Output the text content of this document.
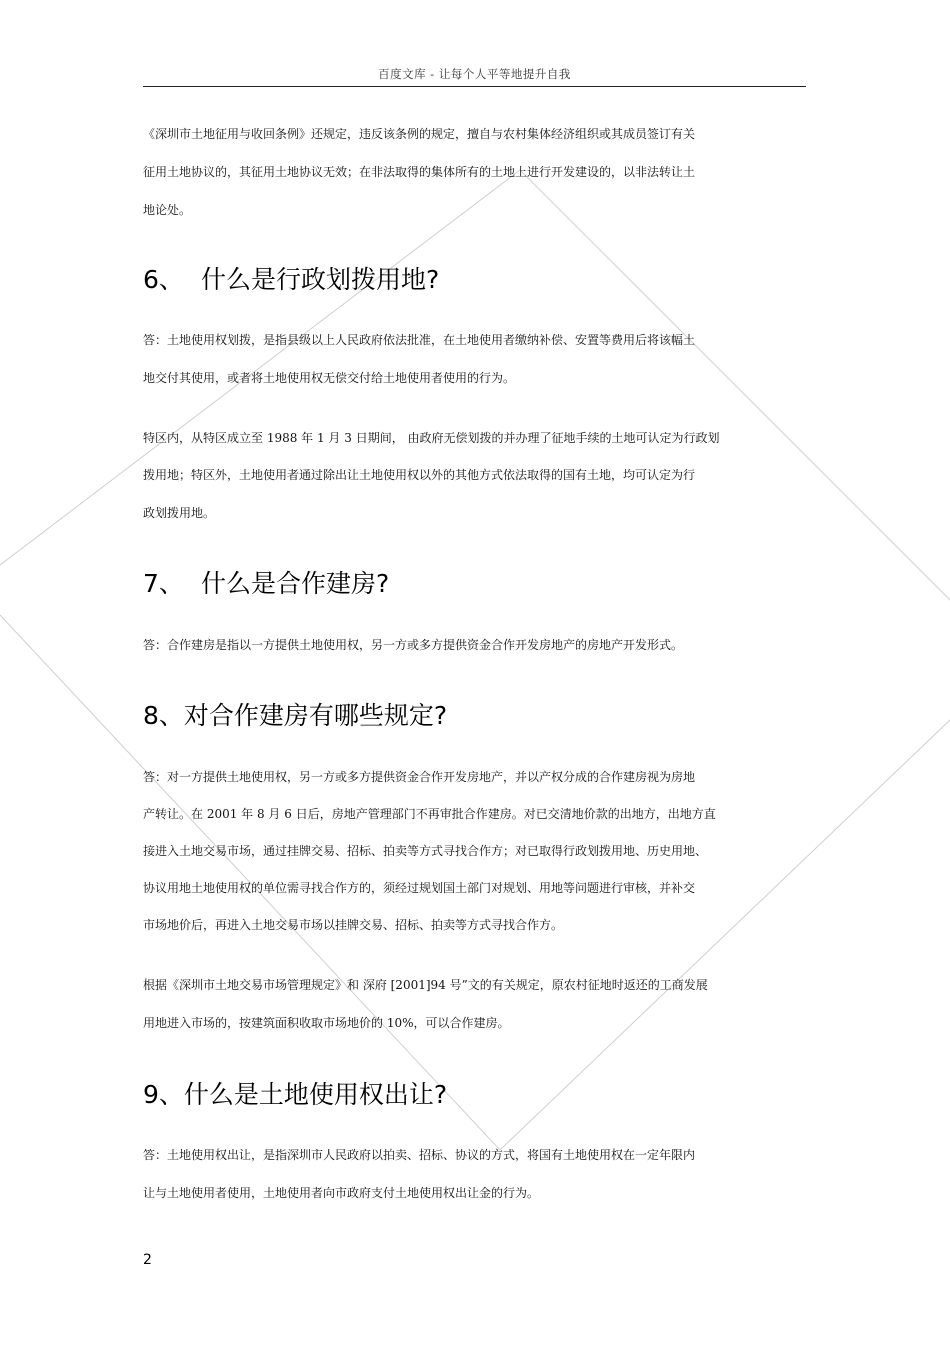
百度文库 - 让每个人平等地提升自我
《深圳市土地征用与收回条例》还规定，违反该条例的规定，擅自与农村集体经济组织或其成员签订有关
征用土地协议的，其征用土地协议无效；在非法取得的集体所有的土地上进行开发建设的，以非法转让土
地论处。
6、 什么是行政划拨用地?
答：土地使用权划拨，是指县级以上人民政府依法批准，在土地使用者缴纳补偿、安置等费用后将该幅土
地交付其使用，或者将土地使用权无偿交付给土地使用者使用的行为。
特区内，从特区成立至 1988 年 1 月 3 日期间， 由政府无偿划拨的并办理了征地手续的土地可认定为行政划
拨用地；特区外，土地使用者通过除出让土地使用权以外的其他方式依法取得的国有土地，均可认定为行
政划拨用地。
7、 什么是合作建房?
答：合作建房是指以一方提供土地使用权，另一方或多方提供资金合作开发房地产的房地产开发形式。
8、对合作建房有哪些规定?
答：对一方提供土地使用权，另一方或多方提供资金合作开发房地产，并以产权分成的合作建房视为房地
产转让。在 2001 年 8 月 6 日后，房地产管理部门不再审批合作建房。对已交清地价款的出地方，出地方直
接进入土地交易市场，通过挂牌交易、招标、拍卖等方式寻找合作方；对已取得行政划拨用地、历史用地、
协议用地土地使用权的单位需寻找合作方的，须经过规划国土部门对规划、用地等问题进行审核，并补交
市场地价后，再进入土地交易市场以挂牌交易、招标、拍卖等方式寻找合作方。
根据《深圳市土地交易市场管理规定》和 深府 [2001]94 号”文的有关规定，原农村征地时返还的工商发展
用地进入市场的，按建筑面积收取市场地价的 10%，可以合作建房。
9、什么是土地使用权出让?
答：土地使用权出让，是指深圳市人民政府以拍卖、招标、协议的方式，将国有土地使用权在一定年限内
让与土地使用者使用，土地使用者向市政府支付土地使用权出让金的行为。
2
